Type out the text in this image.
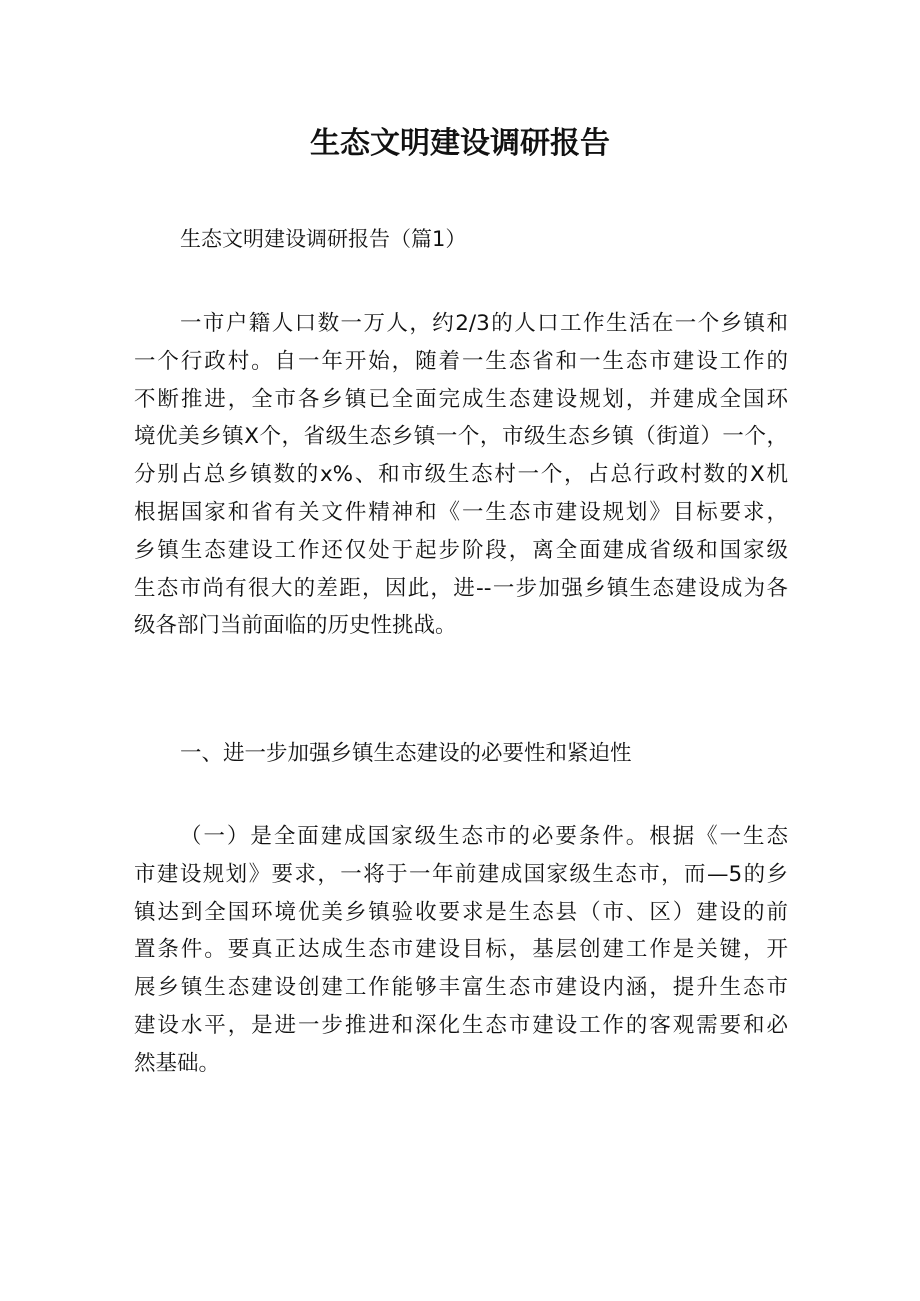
生态文明建设调研报告

生态文明建设调研报告（篇1）

一市户籍人口数一万人，约2/3的人口工作生活在一个乡镇和
一个行政村。自一年开始，随着一生态省和一生态市建设工作的
不断推进，全市各乡镇已全面完成生态建设规划，并建成全国环
境优美乡镇X个，省级生态乡镇一个，市级生态乡镇（街道）一个，
分别占总乡镇数的x%、和市级生态村一个，占总行政村数的X机
根据国家和省有关文件精神和《一生态市建设规划》目标要求，
乡镇生态建设工作还仅处于起步阶段，离全面建成省级和国家级
生态市尚有很大的差距，因此，进--一步加强乡镇生态建设成为各
级各部门当前面临的历史性挑战。

一、进一步加强乡镇生态建设的必要性和紧迫性

（一）是全面建成国家级生态市的必要条件。根据《一生态
市建设规划》要求，一将于一年前建成国家级生态市，而—5的乡
镇达到全国环境优美乡镇验收要求是生态县（市、区）建设的前
置条件。要真正达成生态市建设目标，基层创建工作是关键，开
展乡镇生态建设创建工作能够丰富生态市建设内涵，提升生态市
建设水平，是进一步推进和深化生态市建设工作的客观需要和必
然基础。
